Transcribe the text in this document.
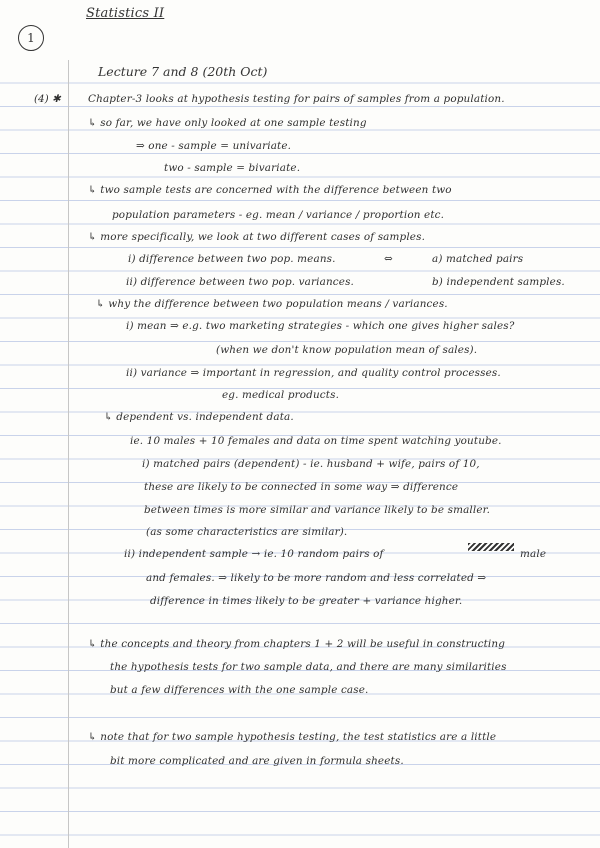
Statistics II
1
Lecture 7 and 8 (20th Oct)
(4) ✱	Chapter-3 looks at hypothesis testing for pairs of samples from a population.
↳ so far, we have only looked at one sample testing
⇒ one - sample = univariate.
two - sample = bivariate.
↳ two sample tests are concerned with the difference between two
population parameters - eg. mean / variance / proportion etc.
↳ more specifically, we look at two different cases of samples.
i) difference between two pop. means.	⇔	a) matched pairs
ii) difference between two pop. variances.	b) independent samples.
↳ why the difference between two population means / variances.
i) mean ⇒ e.g. two marketing strategies - which one gives higher sales?
(when we don't know population mean of sales).
ii) variance ⇒ important in regression, and quality control processes.
eg. medical products.
↳ dependent vs. independent data.
ie. 10 males + 10 females and data on time spent watching youtube.
i) matched pairs (dependent) - ie. husband + wife, pairs of 10,
these are likely to be connected in some way ⇒ difference
between times is more similar and variance likely to be smaller.
(as some characteristics are similar).
ii) independent sample → ie. 10 random pairs of	male
and females. ⇒ likely to be more random and less correlated ⇒
difference in times likely to be greater + variance higher.
↳ the concepts and theory from chapters 1 + 2 will be useful in constructing
the hypothesis tests for two sample data, and there are many similarities
but a few differences with the one sample case.
↳ note that for two sample hypothesis testing, the test statistics are a little
bit more complicated and are given in formula sheets.
